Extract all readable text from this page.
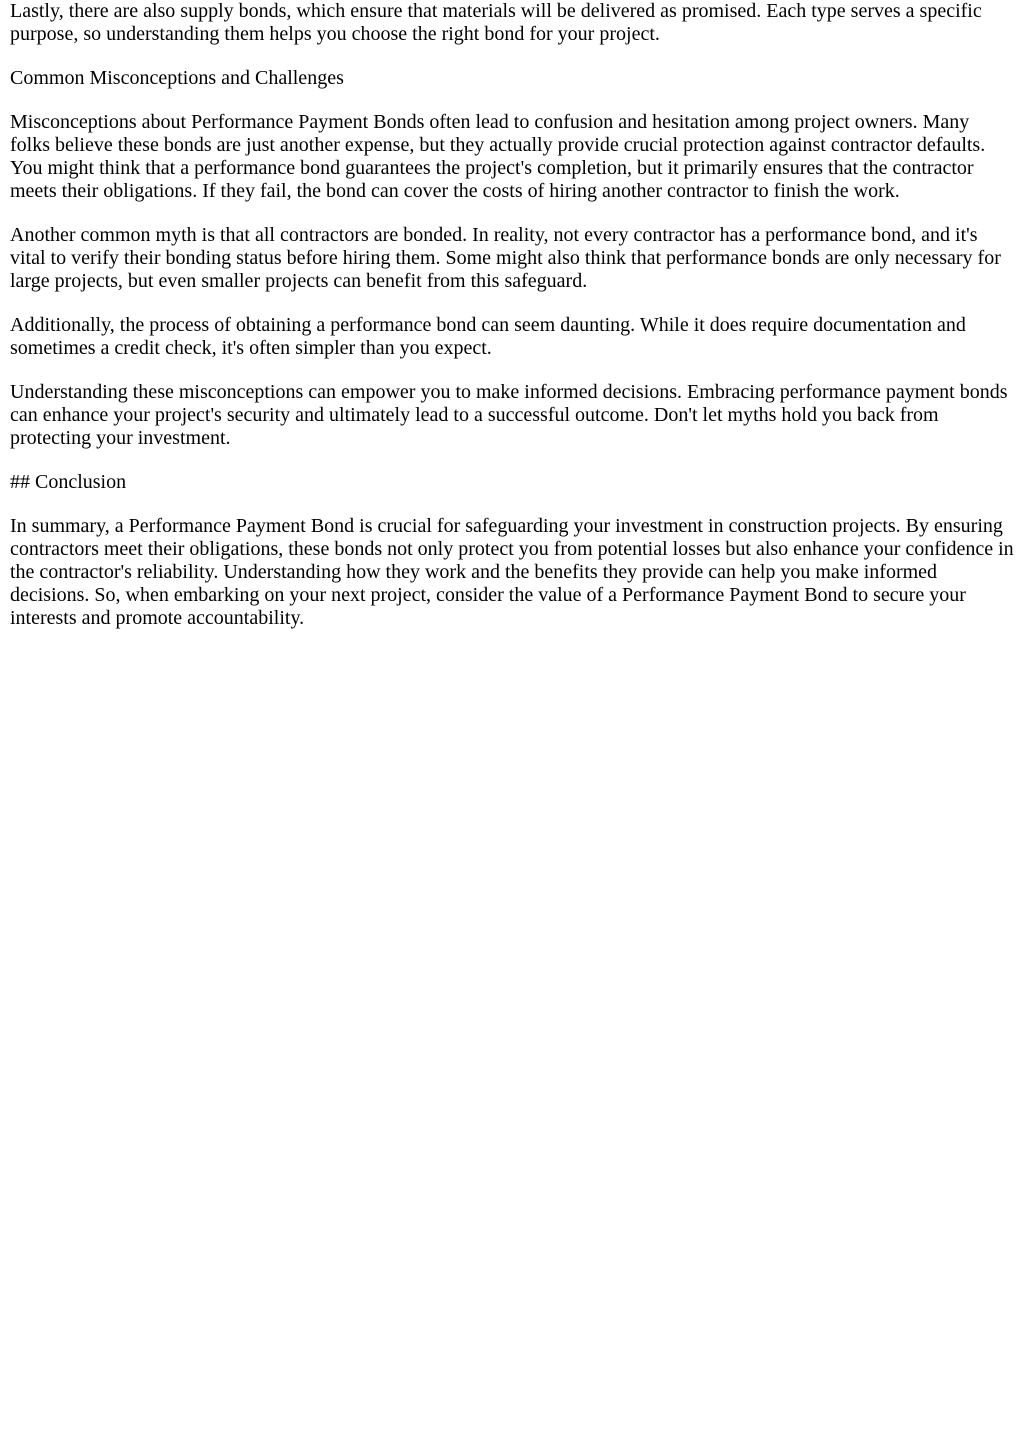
Lastly, there are also supply bonds, which ensure that materials will be delivered as promised. Each type serves a specific purpose, so understanding them helps you choose the right bond for your project.

Common Misconceptions and Challenges

Misconceptions about Performance Payment Bonds often lead to confusion and hesitation among project owners. Many folks believe these bonds are just another expense, but they actually provide crucial protection against contractor defaults. You might think that a performance bond guarantees the project's completion, but it primarily ensures that the contractor meets their obligations. If they fail, the bond can cover the costs of hiring another contractor to finish the work.

Another common myth is that all contractors are bonded. In reality, not every contractor has a performance bond, and it's vital to verify their bonding status before hiring them. Some might also think that performance bonds are only necessary for large projects, but even smaller projects can benefit from this safeguard.

Additionally, the process of obtaining a performance bond can seem daunting. While it does require documentation and sometimes a credit check, it's often simpler than you expect.

Understanding these misconceptions can empower you to make informed decisions. Embracing performance payment bonds can enhance your project's security and ultimately lead to a successful outcome. Don't let myths hold you back from protecting your investment.

## Conclusion

In summary, a Performance Payment Bond is crucial for safeguarding your investment in construction projects. By ensuring contractors meet their obligations, these bonds not only protect you from potential losses but also enhance your confidence in the contractor's reliability. Understanding how they work and the benefits they provide can help you make informed decisions. So, when embarking on your next project, consider the value of a Performance Payment Bond to secure your interests and promote accountability.
